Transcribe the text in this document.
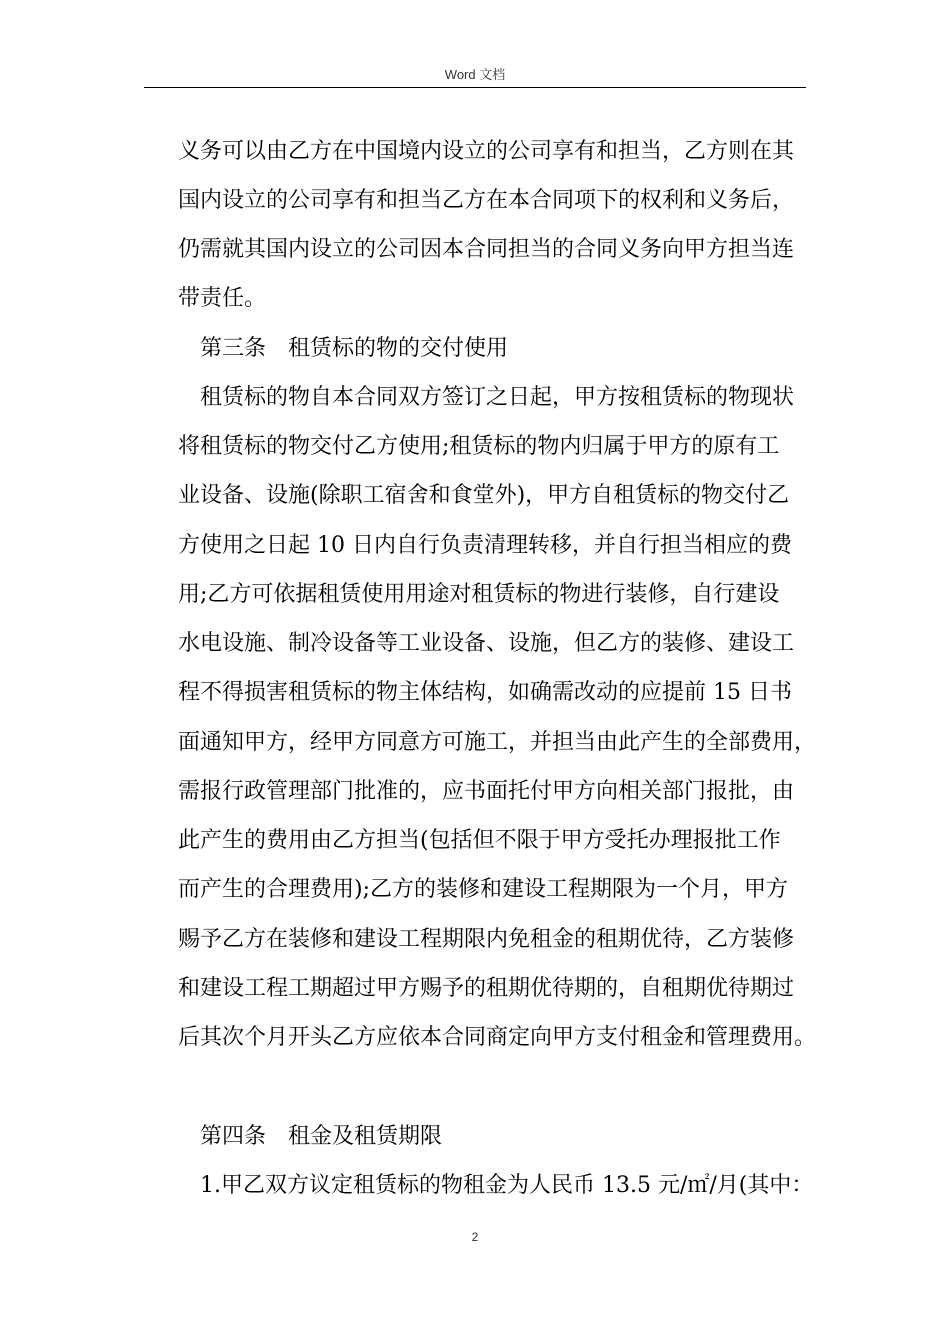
Word 文档
义务可以由乙方在中国境内设立的公司享有和担当，乙方则在其
国内设立的公司享有和担当乙方在本合同项下的权利和义务后，
仍需就其国内设立的公司因本合同担当的合同义务向甲方担当连
带责任。
第三条　租赁标的物的交付使用
租赁标的物自本合同双方签订之日起，甲方按租赁标的物现状
将租赁标的物交付乙方使用;租赁标的物内归属于甲方的原有工
业设备、设施(除职工宿舍和食堂外)，甲方自租赁标的物交付乙
方使用之日起 10 日内自行负责清理转移，并自行担当相应的费
用;乙方可依据租赁使用用途对租赁标的物进行装修，自行建设
水电设施、制冷设备等工业设备、设施，但乙方的装修、建设工
程不得损害租赁标的物主体结构，如确需改动的应提前 15 日书
面通知甲方，经甲方同意方可施工，并担当由此产生的全部费用，
需报行政管理部门批准的，应书面托付甲方向相关部门报批，由
此产生的费用由乙方担当(包括但不限于甲方受托办理报批工作
而产生的合理费用);乙方的装修和建设工程期限为一个月，甲方
赐予乙方在装修和建设工程期限内免租金的租期优待，乙方装修
和建设工程工期超过甲方赐予的租期优待期的，自租期优待期过
后其次个月开头乙方应依本合同商定向甲方支付租金和管理费用。
第四条　租金及租赁期限
1.甲乙双方议定租赁标的物租金为人民币 13.5 元/㎡/月(其中：
2
